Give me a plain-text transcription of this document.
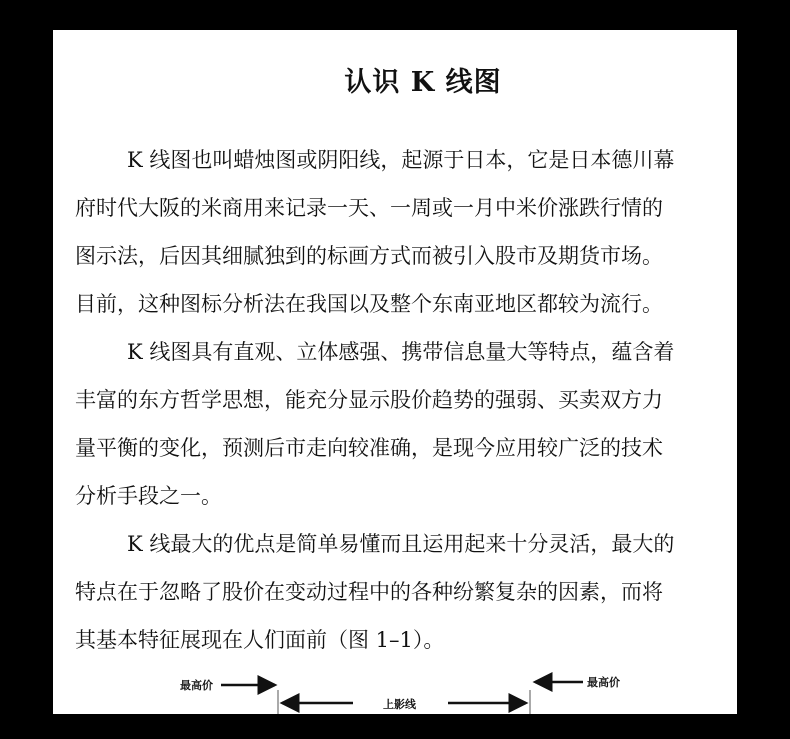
认识 K 线图
K 线图也叫蜡烛图或阴阳线，起源于日本，它是日本德川幕
府时代大阪的米商用来记录一天、一周或一月中米价涨跌行情的
图示法，后因其细腻独到的标画方式而被引入股市及期货市场。
目前，这种图标分析法在我国以及整个东南亚地区都较为流行。
K 线图具有直观、立体感强、携带信息量大等特点，蕴含着
丰富的东方哲学思想，能充分显示股价趋势的强弱、买卖双方力
量平衡的变化，预测后市走向较准确，是现今应用较广泛的技术
分析手段之一。
K 线最大的优点是简单易懂而且运用起来十分灵活，最大的
特点在于忽略了股价在变动过程中的各种纷繁复杂的因素，而将
其基本特征展现在人们面前（图 1–1）。
最高价
上影线
最高价
